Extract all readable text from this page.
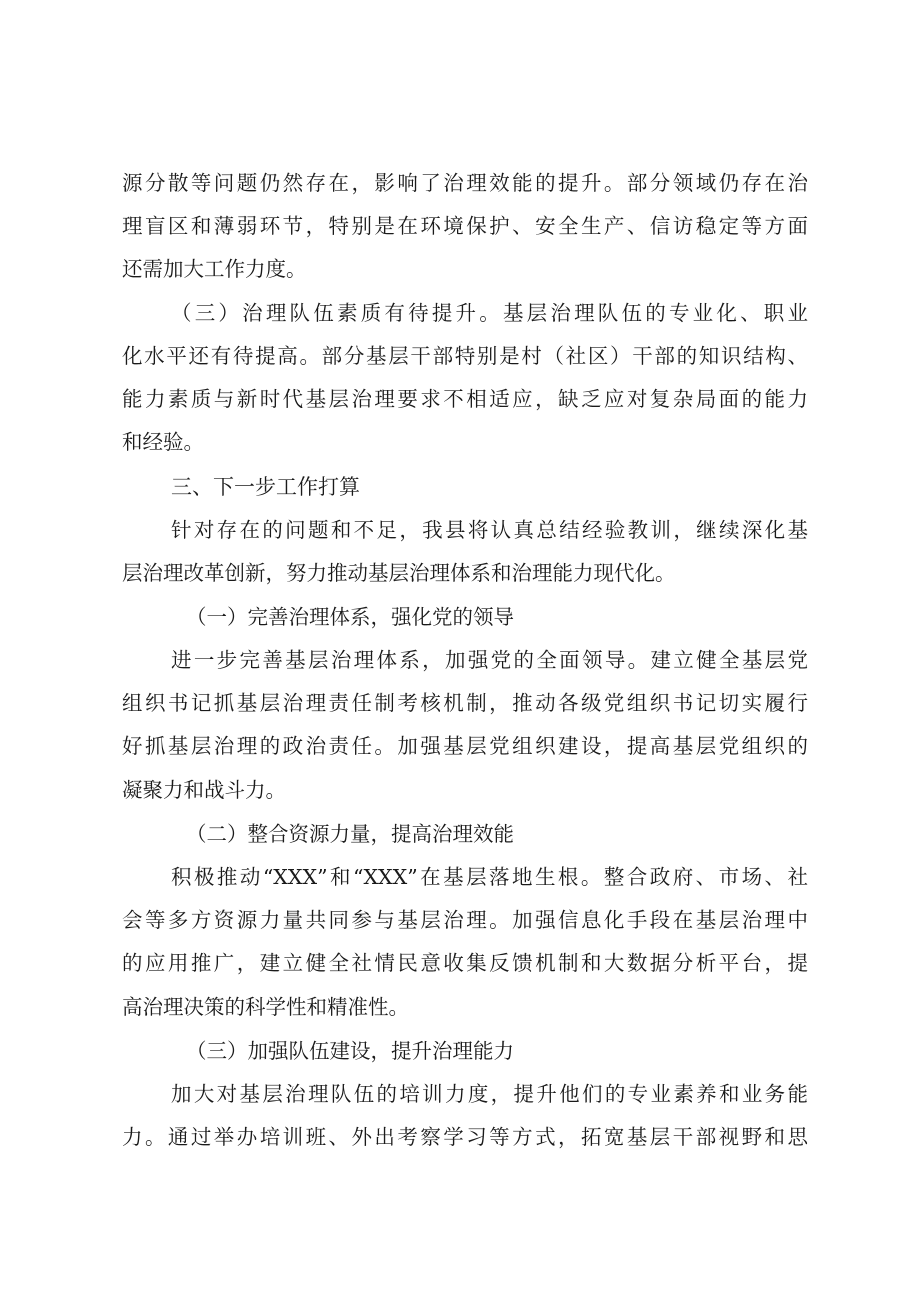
源分散等问题仍然存在，影响了治理效能的提升。部分领域仍存在治
理盲区和薄弱环节，特别是在环境保护、安全生产、信访稳定等方面
还需加大工作力度。
（三）治理队伍素质有待提升。基层治理队伍的专业化、职业
化水平还有待提高。部分基层干部特别是村（社区）干部的知识结构、
能力素质与新时代基层治理要求不相适应，缺乏应对复杂局面的能力
和经验。
三、下一步工作打算
针对存在的问题和不足，我县将认真总结经验教训，继续深化基
层治理改革创新，努力推动基层治理体系和治理能力现代化。
（一）完善治理体系，强化党的领导
进一步完善基层治理体系，加强党的全面领导。建立健全基层党
组织书记抓基层治理责任制考核机制，推动各级党组织书记切实履行
好抓基层治理的政治责任。加强基层党组织建设，提高基层党组织的
凝聚力和战斗力。
（二）整合资源力量，提高治理效能
积极推动“XXX”和“XXX”在基层落地生根。整合政府、市场、社
会等多方资源力量共同参与基层治理。加强信息化手段在基层治理中
的应用推广，建立健全社情民意收集反馈机制和大数据分析平台，提
高治理决策的科学性和精准性。
（三）加强队伍建设，提升治理能力
加大对基层治理队伍的培训力度，提升他们的专业素养和业务能
力。通过举办培训班、外出考察学习等方式，拓宽基层干部视野和思
